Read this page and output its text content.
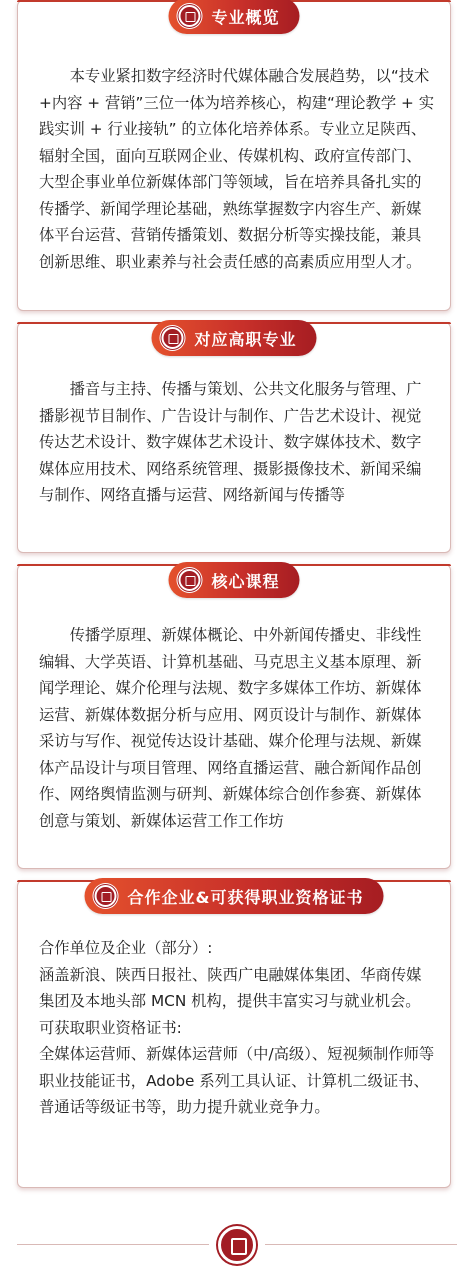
专业概览

本专业紧扣数字经济时代媒体融合发展趋势，以“技术+内容 + 营销”三位一体为培养核心，构建“理论教学 + 实践实训 + 行业接轨” 的立体化培养体系。专业立足陕西、辐射全国，面向互联网企业、传媒机构、政府宣传部门、大型企事业单位新媒体部门等领域，旨在培养具备扎实的传播学、新闻学理论基础，熟练掌握数字内容生产、新媒体平台运营、营销传播策划、数据分析等实操技能，兼具创新思维、职业素养与社会责任感的高素质应用型人才。

对应高职专业

播音与主持、传播与策划、公共文化服务与管理、广播影视节目制作、广告设计与制作、广告艺术设计、视觉传达艺术设计、数字媒体艺术设计、数字媒体技术、数字媒体应用技术、网络系统管理、摄影摄像技术、新闻采编与制作、网络直播与运营、网络新闻与传播等

核心课程

传播学原理、新媒体概论、中外新闻传播史、非线性编辑、大学英语、计算机基础、马克思主义基本原理、新闻学理论、媒介伦理与法规、数字多媒体工作坊、新媒体运营、新媒体数据分析与应用、网页设计与制作、新媒体采访与写作、视觉传达设计基础、媒介伦理与法规、新媒体产品设计与项目管理、网络直播运营、融合新闻作品创作、网络舆情监测与研判、新媒体综合创作参赛、新媒体创意与策划、新媒体运营工作工作坊

合作企业&可获得职业资格证书

合作单位及企业（部分）:

涵盖新浪、陕西日报社、陕西广电融媒体集团、华商传媒集团及本地头部 MCN 机构，提供丰富实习与就业机会。

可获取职业资格证书:

全媒体运营师、新媒体运营师（中/高级）、短视频制作师等职业技能证书，Adobe 系列工具认证、计算机二级证书、普通话等级证书等，助力提升就业竞争力。
